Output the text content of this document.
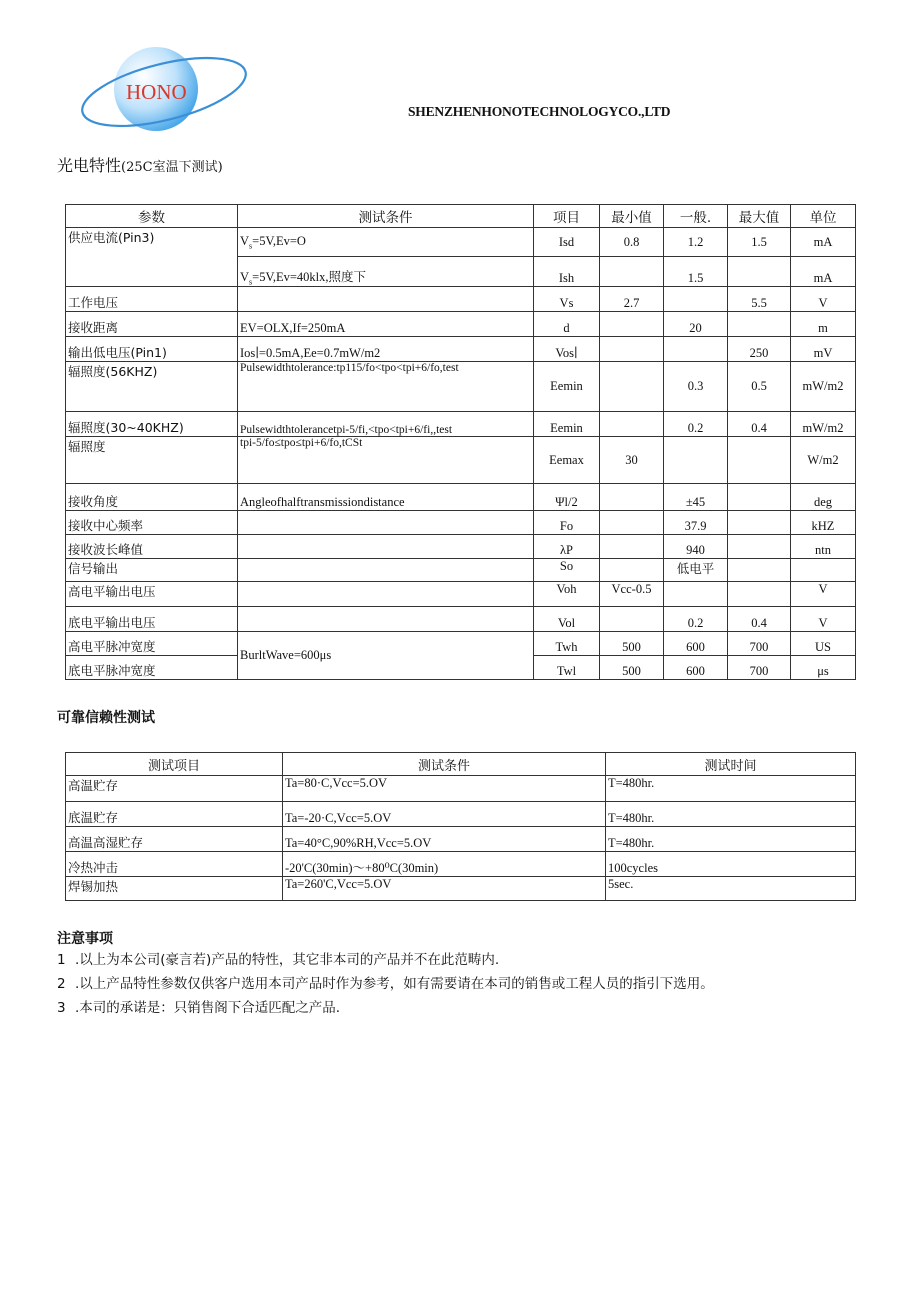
HONO
SHENZHENHONOTECHNOLOGYCO.,LTD
光电特性(25C室温下测试)
参数	测试条件	项目	最小值	一般.	最大值	单位
供应电流(Pin3)	$V_s=5V,Ev=O$	Isd	0.8	1.2	1.5	mA
	$V_s=5V,Ev=40klx$,照度下	Ish		1.5		mA
工作电压		Vs	2.7		5.5	V
接收距离	EV=OLX,If=250mA	d		20		m
输出低电压(Pin1)	Ios∣=0.5mA,Ee=0.7mW/m2	Vos∣			250	mV
辐照度(56KHZ)	Pulsewidthtolerance:tp115/fo<tpo<tpi+6/fo,test	Eemin		0.3	0.5	mW/m2
辐照度(30~40KHZ)	Pulsewidthtolerancetpi-5/fi,<tpo<tpi+6/fi,,test	Eemin		0.2	0.4	mW/m2
辐照度	tpi-5/fo≤tpo≤tpi+6/fo,tCSt	Eemax	30			W/m2
接收角度	Angleofhalftransmissiondistance	Ψl/2		±45		deg
接收中心频率		Fo		37.9		kHZ
接收波长峰值		λP		940		ntn
信号输出		So		低电平		
高电平输出电压		Voh	Vcc-0.5			V
底电平输出电压		Vol		0.2	0.4	V
高电平脉冲宽度	BurltWave=600μs	Twh	500	600	700	US
底电平脉冲宽度		Twl	500	600	700	μs
可靠信赖性测试
测试项目	测试条件	测试时间
高温贮存	Ta=80·C,Vcc=5.OV	T=480hr.
底温贮存	Ta=-20·C,Vcc=5.OV	T=480hr.
高温高湿贮存	Ta=40°C,90%RH,Vcc=5.OV	T=480hr.
冷热冲击	-20'C(30min)～+80⁰C(30min)	100cycles
焊锡加热	Ta=260'C,Vcc=5.OV	5sec.
注意事项
1 .以上为本公司(豪言若)产品的特性，其它非本司的产品并不在此范畴内.
2 .以上产品特性参数仅供客户选用本司产品时作为参考，如有需要请在本司的销售或工程人员的指引下选用。
3 .本司的承诺是：只销售阁下合适匹配之产品.
